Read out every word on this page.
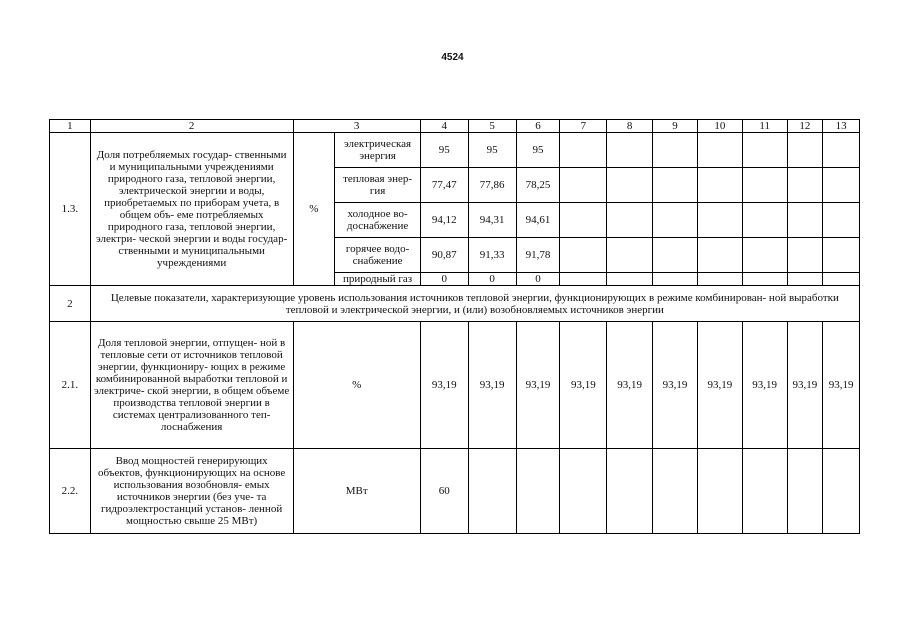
4524
1	2	3		4	5	6	7	8	9	10	11	12	13
1.3.	Доля потребляемых государ- ственными и муниципальными учреждениями природного газа, тепловой энергии, электрической энергии и воды, приобретаемых по приборам учета, в общем объ- еме потребляемых природного газа, тепловой энергии, электри- ческой энергии и воды государ- ственными и муниципальными учреждениями	%	электрическая энергия	95	95	95							
			тепловая энер- гия	77,47	77,86	78,25							
			холодное во- доснабжение	94,12	94,31	94,61							
			горячее водо- снабжение	90,87	91,33	91,78							
			природный газ	0	0	0							
2	Целевые показатели, характеризующие уровень использования источников тепловой энергии, функционирующих в режиме комбинирован- ной выработки тепловой и электрической энергии, и (или) возобновляемых источников энергии												
2.1.	Доля тепловой энергии, отпущен- ной в тепловые сети от источников тепловой энергии, функциониру- ющих в режиме комбинированной выработки тепловой и электриче- ской энергии, в общем объеме производства тепловой энергии в системах централизованного теп- лоснабжения	%		93,19	93,19	93,19	93,19	93,19	93,19	93,19	93,19	93,19	93,19
2.2.	Ввод мощностей генерирующих объектов, функционирующих на основе использования возобновля- емых источников энергии (без уче- та гидроэлектростанций установ- ленной мощностью свыше 25 МВт)	МВт		60									
